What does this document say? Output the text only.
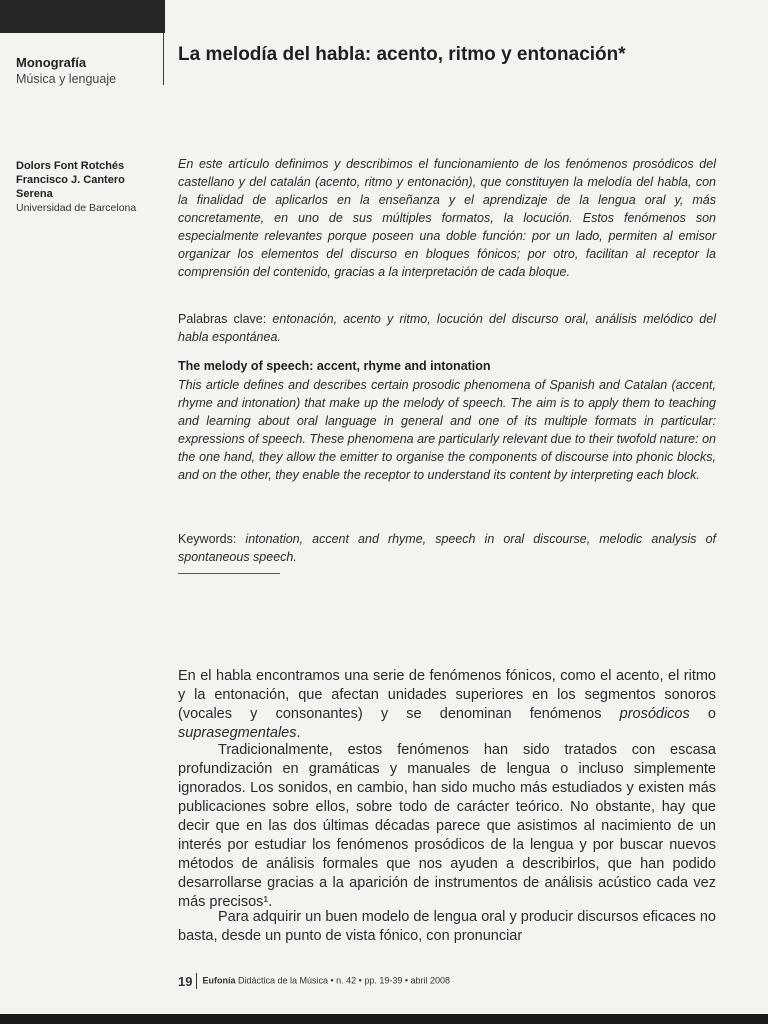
Monografía
Música y lenguaje
La melodía del habla: acento, ritmo y entonación*
Dolors Font Rotchés
Francisco J. Cantero
Serena
Universidad de Barcelona
En este artículo definimos y describimos el funcionamiento de los fenómenos prosódicos del castellano y del catalán (acento, ritmo y entonación), que constituyen la melodía del habla, con la finalidad de aplicarlos en la enseñanza y el aprendizaje de la lengua oral y, más concretamente, en uno de sus múltiples formatos, la locución. Estos fenómenos son especialmente relevantes porque poseen una doble función: por un lado, permiten al emisor organizar los elementos del discurso en bloques fónicos; por otro, facilitan al receptor la comprensión del contenido, gracias a la interpretación de cada bloque.
Palabras clave: entonación, acento y ritmo, locución del discurso oral, análisis melódico del habla espontánea.
The melody of speech: accent, rhyme and intonation
This article defines and describes certain prosodic phenomena of Spanish and Catalan (accent, rhyme and intonation) that make up the melody of speech. The aim is to apply them to teaching and learning about oral language in general and one of its multiple formats in particular: expressions of speech. These phenomena are particularly relevant due to their twofold nature: on the one hand, they allow the emitter to organise the components of discourse into phonic blocks, and on the other, they enable the receptor to understand its content by interpreting each block.
Keywords: intonation, accent and rhyme, speech in oral discourse, melodic analysis of spontaneous speech.
En el habla encontramos una serie de fenómenos fónicos, como el acento, el ritmo y la entonación, que afectan unidades superiores en los segmentos sonoros (vocales y consonantes) y se denominan fenómenos prosódicos o suprasegmentales.
Tradicionalmente, estos fenómenos han sido tratados con escasa profundización en gramáticas y manuales de lengua o incluso simplemente ignorados. Los sonidos, en cambio, han sido mucho más estudiados y existen más publicaciones sobre ellos, sobre todo de carácter teórico. No obstante, hay que decir que en las dos últimas décadas parece que asistimos al nacimiento de un interés por estudiar los fenómenos prosódicos de la lengua y por buscar nuevos métodos de análisis formales que nos ayuden a describirlos, que han podido desarrollarse gracias a la aparición de instrumentos de análisis acústico cada vez más precisos¹.
Para adquirir un buen modelo de lengua oral y producir discursos eficaces no basta, desde un punto de vista fónico, con pronunciar
19 Eufonía Didáctica de la Música • n. 42 • pp. 19-39 • abril 2008
